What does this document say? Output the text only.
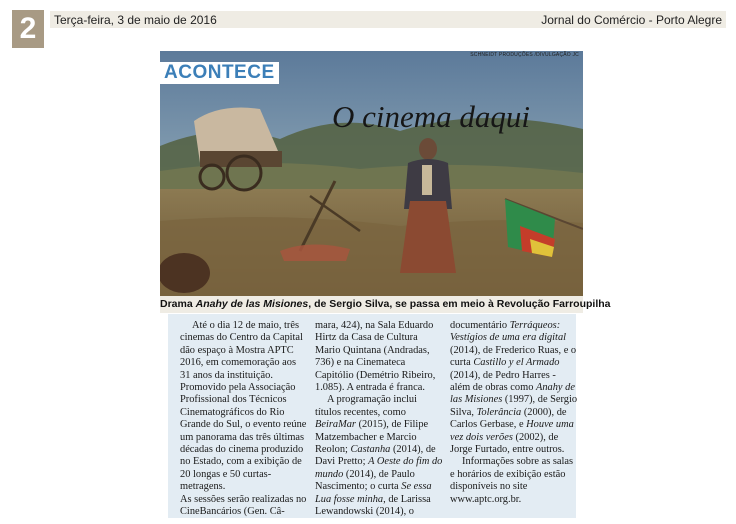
2	Terça-feira, 3 de maio de 2016	Jornal do Comércio - Porto Alegre
SCHNEIDT PRODUÇÕES /DIVULGAÇÃO JC
ACONTECE
O cinema daqui
Drama Anahy de las Misiones, de Sergio Silva, se passa em meio à Revolução Farroupilha

Até o dia 12 de maio, três cinemas do Centro da Capital dão espaço à Mostra APTC 2016, em comemoração aos 31 anos da instituição. Promovido pela Associação Profissional dos Técnicos Cinematográficos do Rio Grande do Sul, o evento reúne um panorama das três últimas décadas do cinema produzido no Estado, com a exibição de 20 longas e 50 curtas-metragens.

As sessões serão realizadas no CineBancários (Gen. Câ-

mara, 424), na Sala Eduardo Hirtz da Casa de Cultura Mario Quintana (Andradas, 736) e na Cinemateca Capitólio (Demétrio Ribeiro, 1.085). A entrada é franca.

A programação inclui títulos recentes, como BeiraMar (2015), de Filipe Matzembacher e Marcio Reolon; Castanha (2014), de Davi Pretto; A Oeste do fim do mundo (2014), de Paulo Nascimento; o curta Se essa Lua fosse minha, de Larissa Lewandowski (2014), o

documentário Terráqueos: Vestígios de uma era digital (2014), de Frederico Ruas, e o curta Castillo y el Armado (2014), de Pedro Harres - além de obras como Anahy de las Misiones (1997), de Sergio Silva, Tolerância (2000), de Carlos Gerbase, e Houve uma vez dois verões (2002), de Jorge Furtado, entre outros.

Informações sobre as salas e horários de exibição estão disponíveis no site www.aptc.org.br.
